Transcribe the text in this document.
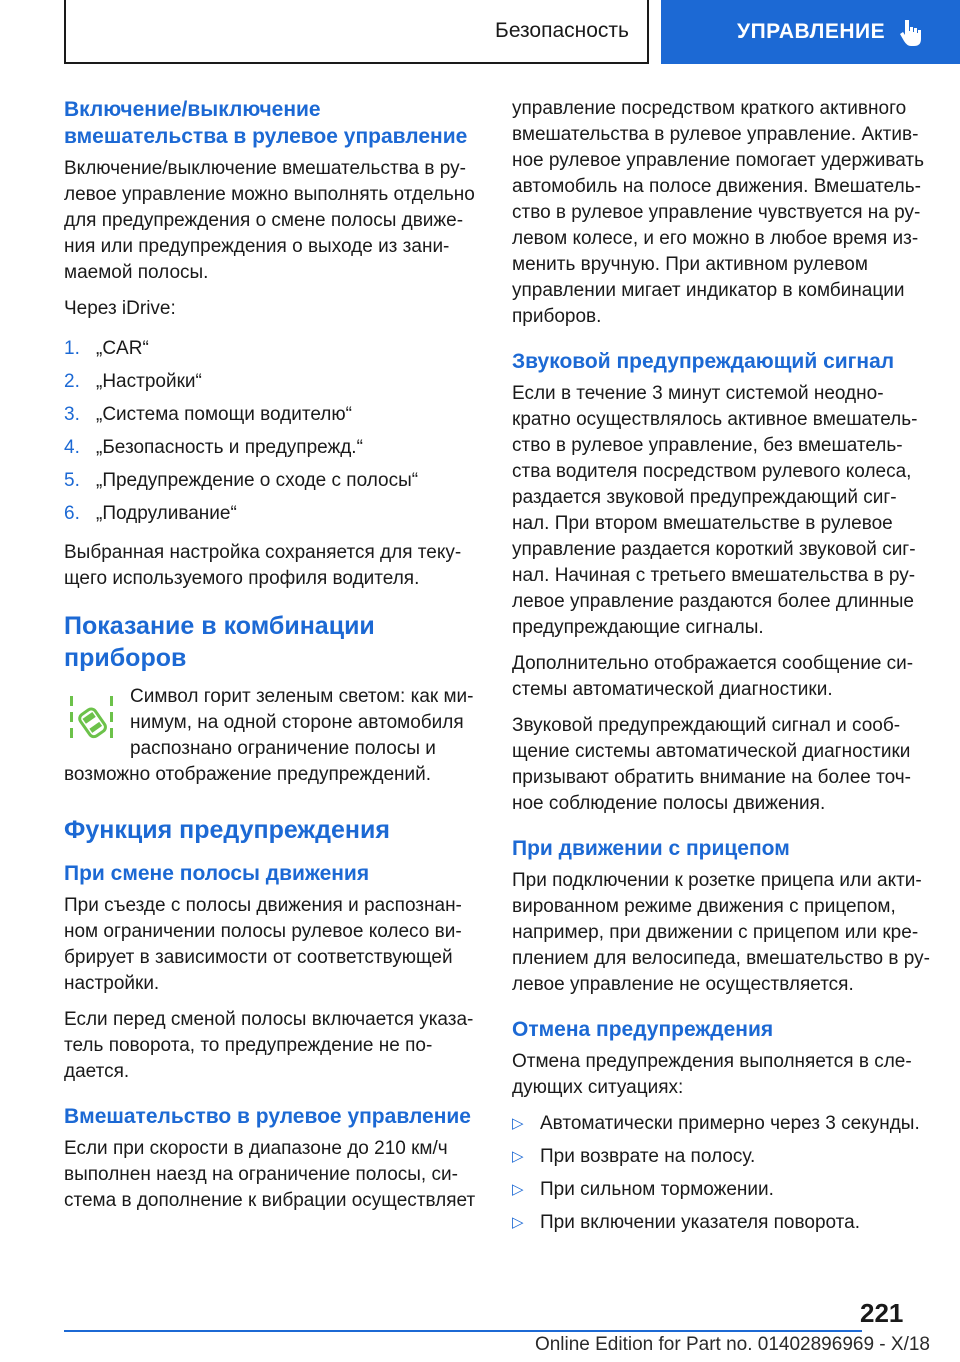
Безопасность	УПРАВЛЕНИЕ
Включение/выключение вмешательства в рулевое управление

Включение/выключение вмешательства в ру-левое управление можно выполнять отдельно для предупреждения о смене полосы движе-ния или предупреждения о выходе из зани-маемой полосы.

Через iDrive:

1. „CAR“
2. „Настройки“
3. „Система помощи водителю“
4. „Безопасность и предупрежд.“
5. „Предупреждение о сходе с полосы“
6. „Подруливание“

Выбранная настройка сохраняется для теку-щего используемого профиля водителя.

Показание в комбинации приборов
Символ горит зеленым светом: как ми-нимум, на одной стороне автомобиля распознано ограничение полосы и
возможно отображение предупреждений.
Функция предупреждения
При смене полосы движения

При съезде с полосы движения и распознан-ном ограничении полосы рулевое колесо ви-брирует в зависимости от соответствующей настройки.

Если перед сменой полосы включается указа-тель поворота, то предупреждение не по-дается.

Вмешательство в рулевое управление

Если при скорости в диапазоне до 210 км/ч выполнен наезд на ограничение полосы, си-стема в дополнение к вибрации осуществляет

управление посредством краткого активного вмешательства в рулевое управление. Актив-ное рулевое управление помогает удерживать автомобиль на полосе движения. Вмешатель-ство в рулевое управление чувствуется на ру-левом колесе, и его можно в любое время из-менить вручную. При активном рулевом управлении мигает индикатор в комбинации приборов.

Звуковой предупреждающий сигнал

Если в течение 3 минут системой неодно-кратно осуществлялось активное вмешатель-ство в рулевое управление, без вмешатель-ства водителя посредством рулевого колеса, раздается звуковой предупреждающий сиг-нал. При втором вмешательстве в рулевое управление раздается короткий звуковой сиг-нал. Начиная с третьего вмешательства в ру-левое управление раздаются более длинные предупреждающие сигналы.

Дополнительно отображается сообщение си-стемы автоматической диагностики.

Звуковой предупреждающий сигнал и сооб-щение системы автоматической диагностики призывают обратить внимание на более точ-ное соблюдение полосы движения.

При движении с прицепом

При подключении к розетке прицепа или акти-вированном режиме движения с прицепом, например, при движении с прицепом или кре-плением для велосипеда, вмешательство в ру-левое управление не осуществляется.

Отмена предупреждения

Отмена предупреждения выполняется в сле-дующих ситуациях:

▷ Автоматически примерно через 3 секунды.
▷ При возврате на полосу.
▷ При сильном торможении.
▷ При включении указателя поворота.
221
Online Edition for Part no. 01402896969 - X/18
